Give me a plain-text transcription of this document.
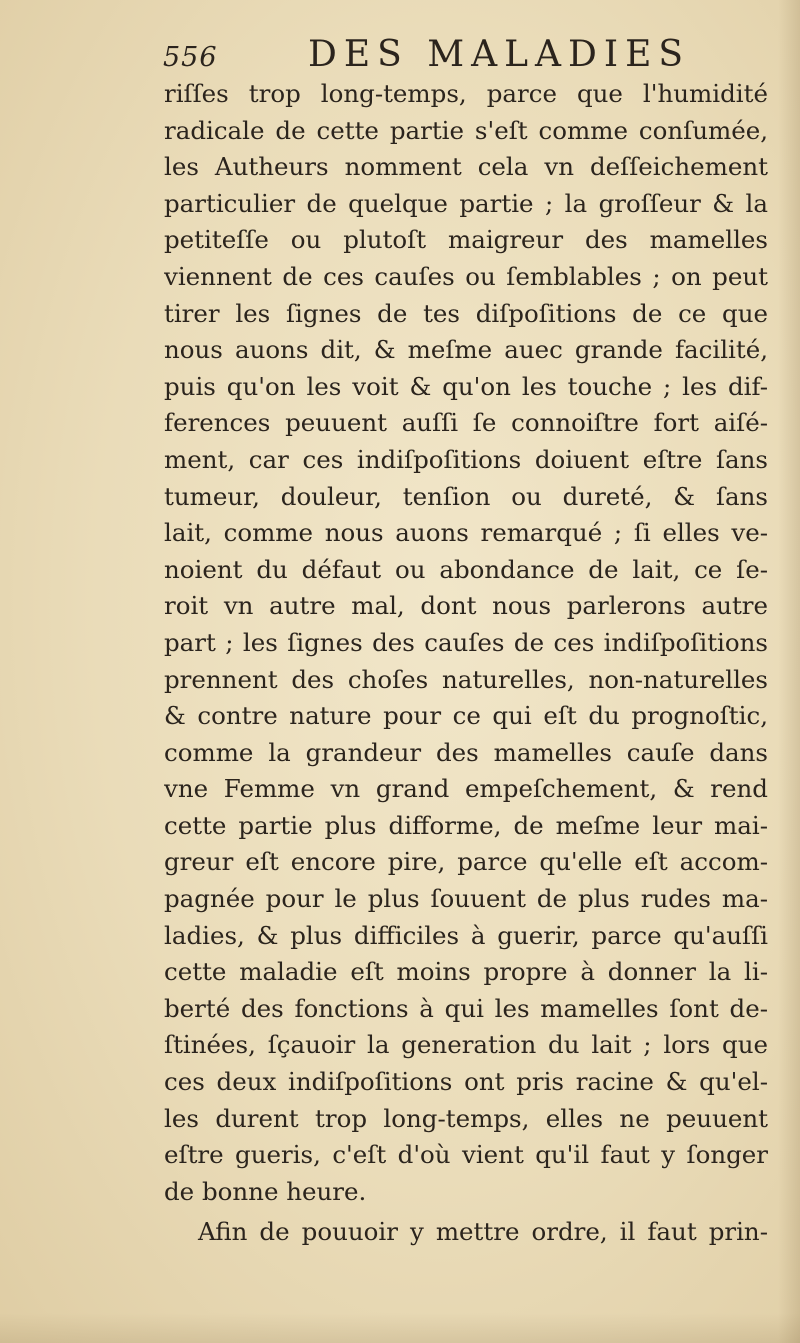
556	DES MALADIES
riſſes trop long-temps, parce que l'humidité
radicale de cette partie s'eſt comme conſumée,
les Autheurs nomment cela vn deſſeichement
particulier de quelque partie ; la groſſeur & la
petiteſſe ou plutoſt maigreur des mamelles
viennent de ces cauſes ou ſemblables ; on peut
tirer les ſignes de tes diſpoſitions de ce que
nous auons dit, & meſme auec grande facilité,
puis qu'on les voit & qu'on les touche ; les dif-
ferences peuuent auſſi ſe connoiſtre fort aiſé-
ment, car ces indiſpoſitions doiuent eſtre ſans
tumeur, douleur, tenſion ou dureté, & ſans
lait, comme nous auons remarqué ; ſi elles ve-
noient du défaut ou abondance de lait, ce ſe-
roit vn autre mal, dont nous parlerons autre
part ; les ſignes des cauſes de ces indiſpoſitions
prennent des choſes naturelles, non-naturelles
& contre nature pour ce qui eſt du prognoſtic,
comme la grandeur des mamelles cauſe dans
vne Femme vn grand empeſchement, & rend
cette partie plus difforme, de meſme leur mai-
greur eſt encore pire, parce qu'elle eſt accom-
pagnée pour le plus ſouuent de plus rudes ma-
ladies, & plus difficiles à guerir, parce qu'auſſi
cette maladie eſt moins propre à donner la li-
berté des fonctions à qui les mamelles ſont de-
ſtinées, ſçauoir la generation du lait ; lors que
ces deux indiſpoſitions ont pris racine & qu'el-
les durent trop long-temps, elles ne peuuent
eſtre gueris, c'eſt d'où vient qu'il faut y ſonger
de bonne heure.
Afin de pouuoir y mettre ordre, il faut prin-
